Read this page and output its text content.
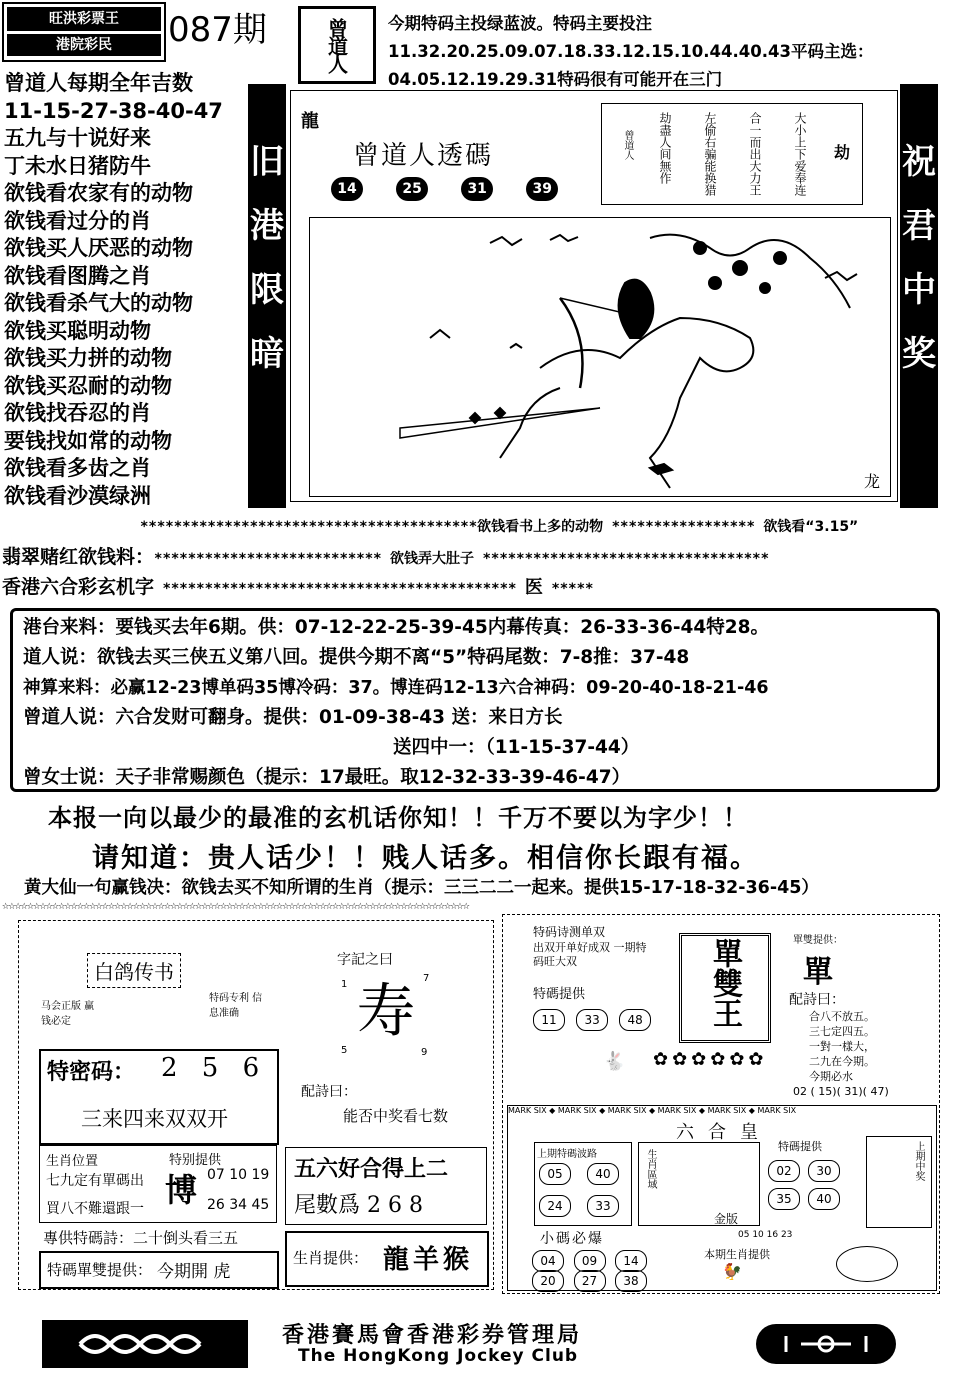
旺洪彩票王
港院彩民	087期	曾道人 今期特码主投绿蓝波。特码主要投注11.32.20.25.09.07.18.33.12.15.10.44.40.43平码主选：04.05.12.19.29.31特码很有可能开在三门
曾道人每期全年吉数
11-15-27-38-40-47
五九与十说好来
丁未水日猪防牛
欲钱看农家有的动物
欲钱看过分的肖
欲钱买人厌恶的动物
欲钱看图腾之肖
欲钱看杀气大的动物
欲钱买聪明动物
欲钱买力拼的动物
欲钱买忍耐的动物
欲钱找吞忍的肖
要钱找如常的动物
欲钱看多齿之肖
欲钱看沙漠绿洲
旧
港
限
暗
祝
君
中
奖
龍
曾道人透碼
14	25	31	39	大小上下爱奉连
合一而出大力王
左偷右骗能换猎
劫盡人间無作
曾道人	劫
龙
****************************************欲钱看书上多的动物 ***************** 欲钱看“3.15”
翡翠赌红欲钱料：*************************** 欲钱弄大肚子 **********************************
香港六合彩玄机字 ****************************************** 医 *****
港台来料：要钱买去年6期。供：07-12-22-25-39-45内幕传真：26-33-36-44特28。
道人说：欲钱去买三侠五义第八回。提供今期不离“5”特码尾数：7-8推：37-48
神算来料：必赢12-23博单码35博冷码：37。博连码12-13六合神码：09-20-40-18-21-46
曾道人说：六合发财可翻身。提供：01-09-38-43 送：来日方长
送四中一：（11-15-37-44）
曾女士说：天子非常赐颜色（提示：17最旺。取12-32-33-39-46-47）
本报一向以最少的最准的玄机话你知！！千万不要以为字少！！
请知道：贵人话少！！贱人话多。相信你长跟有福。
黄大仙一句赢钱决：欲钱去买不知所谓的生肖（提示：三三二二一起来。提供15-17-18-32-36-45）
☆☆☆☆☆☆☆☆☆☆☆☆☆☆☆☆☆☆☆☆☆☆☆☆☆☆☆☆☆☆☆☆☆☆☆☆☆☆☆☆☆☆☆☆☆☆☆☆☆☆☆☆☆☆☆☆☆☆☆☆☆☆☆☆☆☆☆☆☆☆☆☆☆☆☆
白鸽传书
马会正版 赢钱必定
特码专利 信息准确
特密码： 2 5 6
三来四来双双开
生肖位置
七九定有單碼出
買八不難還跟一
特别提供
博 07 10 19
26 34 45
專供特碼詩：二十倒头看三五
特碼單雙提供： 今期開 虎
字記之曰
1
7
寿
5	9
配詩曰：
能否中奖看七数
五六好合得上二
尾數爲 2 6 8
生肖提供： 龍羊猴
特码诗测单双
出双开单好成双 一期特码旺大双
特碼提供
11 33 48	單雙王	單雙提供：
單
配詩曰：
合八不放五。
三七定四五。
一對一樣大，
二九在今期。
今期必水
02 ( 15)( 31)( 47)
✿✿✿✿✿✿
🐇
MARK SIX ◆ MARK SIX ◆ MARK SIX ◆ MARK SIX ◆ MARK SIX ◆ MARK SIX
六合皇
上期特碼波路
05	40
24	33
生肖區域
特碼提供
02	30
35	40
上期中奖
金版
05 10 16 23
小碼必爆
04 09 14
20 27 38
本期生肖提供
🐓
香港賽馬會香港彩券管理局
The HongKong Jockey Club
